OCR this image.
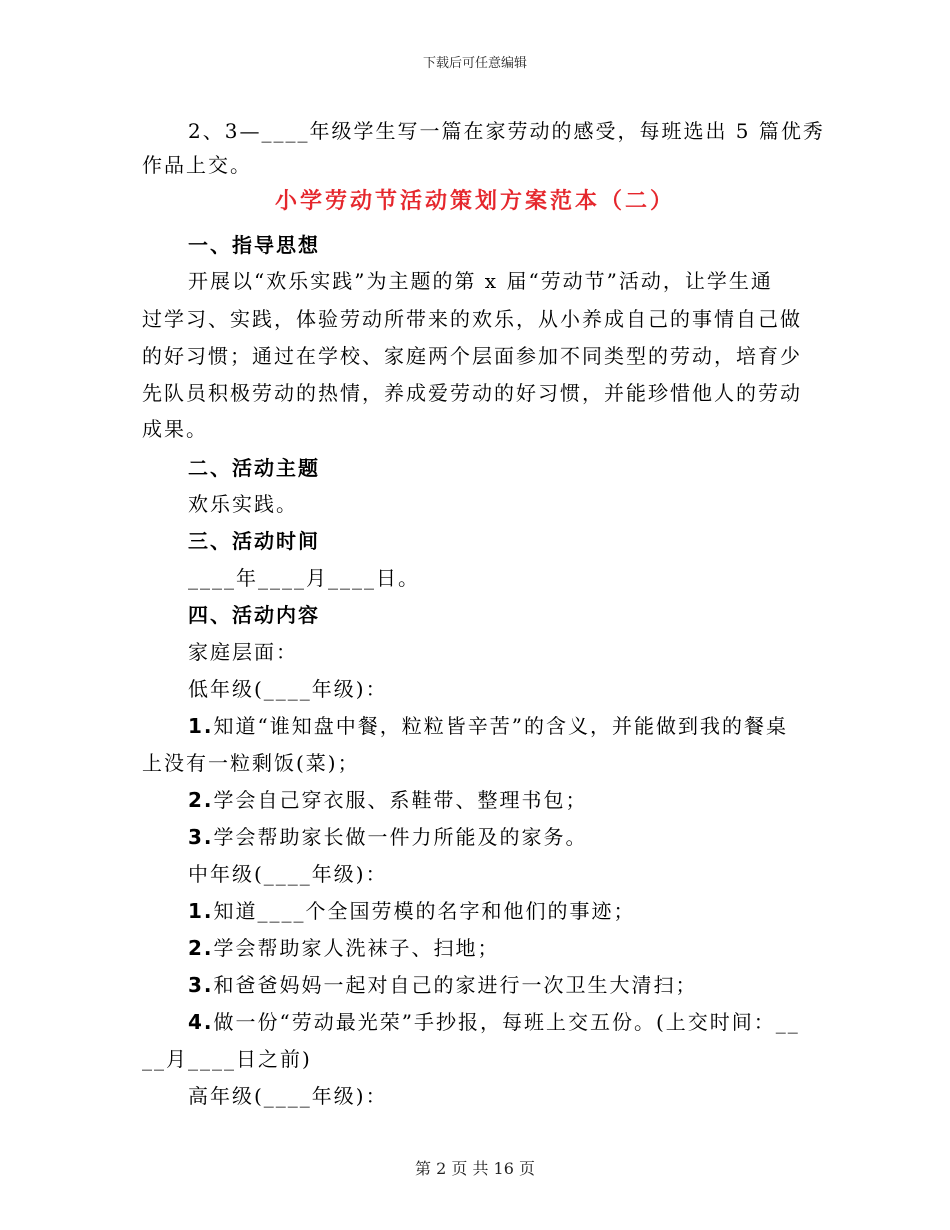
下载后可任意编辑
2、3—____年级学生写一篇在家劳动的感受，每班选出 5 篇优秀
作品上交。
小学劳动节活动策划方案范本（二）
一、指导思想
开展以“欢乐实践”为主题的第 x 届“劳动节”活动，让学生通
过学习、实践，体验劳动所带来的欢乐，从小养成自己的事情自己做
的好习惯；通过在学校、家庭两个层面参加不同类型的劳动，培育少
先队员积极劳动的热情，养成爱劳动的好习惯，并能珍惜他人的劳动
成果。
二、活动主题
欢乐实践。
三、活动时间
____年____月____日。
四、活动内容
家庭层面：
低年级(____年级)：
1.知道“谁知盘中餐，粒粒皆辛苦”的含义，并能做到我的餐桌
上没有一粒剩饭(菜)；
2.学会自己穿衣服、系鞋带、整理书包；
3.学会帮助家长做一件力所能及的家务。
中年级(____年级)：
1.知道____个全国劳模的名字和他们的事迹；
2.学会帮助家人洗袜子、扫地；
3.和爸爸妈妈一起对自己的家进行一次卫生大清扫；
4.做一份“劳动最光荣”手抄报，每班上交五份。(上交时间：__
__月____日之前)
高年级(____年级)：
第 2 页 共 16 页
